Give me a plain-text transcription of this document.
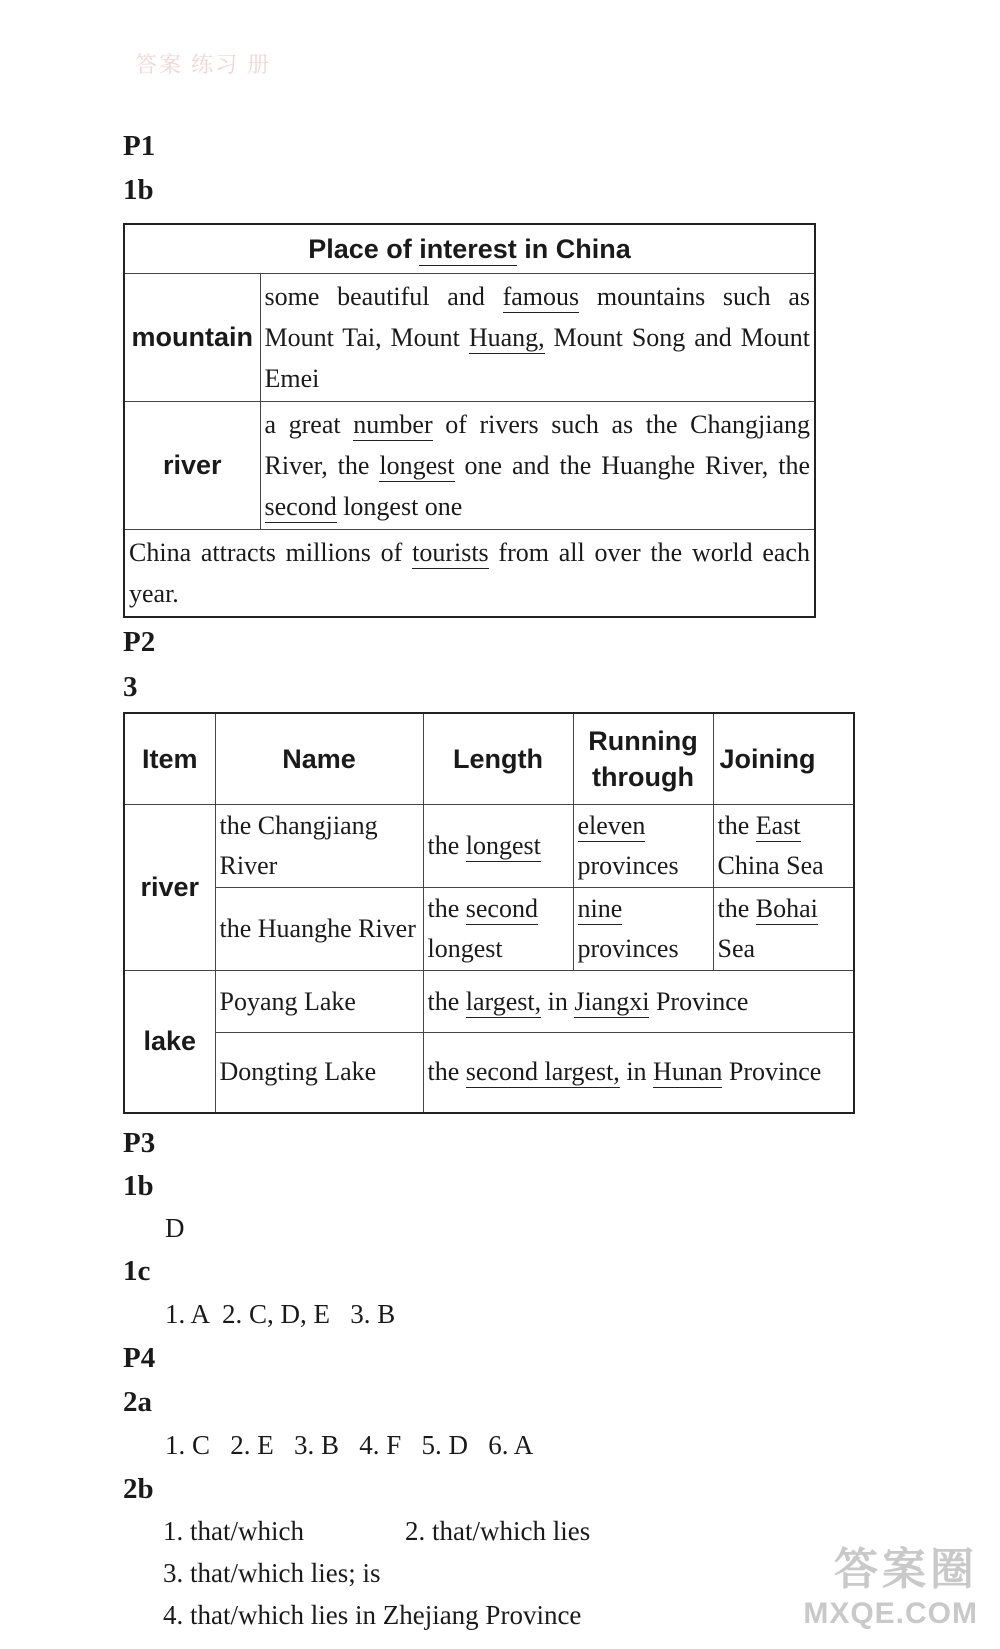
答案 练习 册
P1
1b
Place of interest in China	
mountain	some beautiful and famous mountains such as Mount Tai, Mount Huang, Mount Song and Mount Emei
river	a great number of rivers such as the Changjiang River, the longest one and the Huanghe River, the second longest one
China attracts millions of tourists from all over the world each year.	
P2
3
Item	Name	Length	Running through	Joining
river	the Changjiang River	the longest	eleven provinces	the East China Sea
	the Huanghe River	the second longest	nine provinces	the Bohai Sea
lake	Poyang Lake	the largest, in Jiangxi Province		
	Dongting Lake	the second largest, in Hunan Province		
P3
1b
D
1c
1. A  2. C, D, E   3. B
P4
2a
1. C   2. E   3. B   4. F   5. D   6. A
2b
1. that/which	2. that/which lies
3. that/which lies; is
4. that/which lies in Zhejiang Province
答案圈
MXQE.COM
